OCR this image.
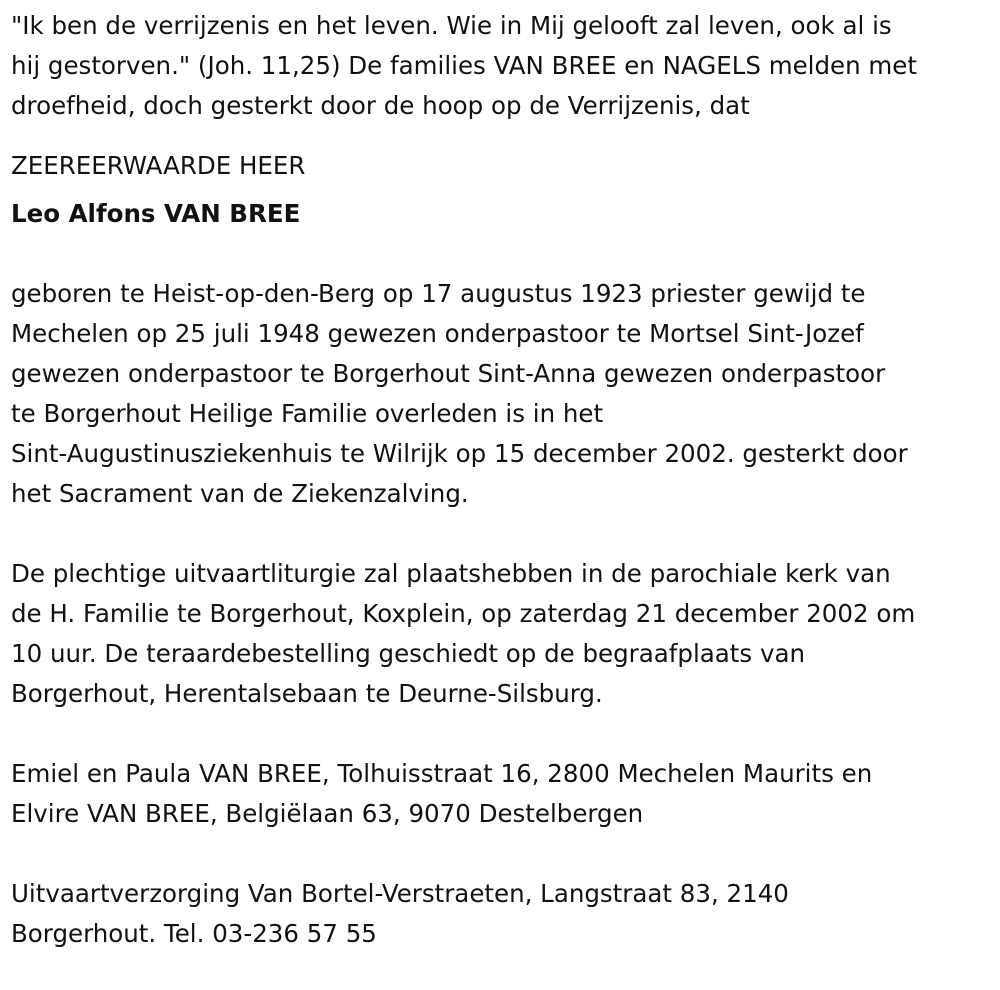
"Ik ben de verrijzenis en het leven. Wie in Mij gelooft zal leven, ook al is
hij gestorven." (Joh. 11,25) De families VAN BREE en NAGELS melden met
droefheid, doch gesterkt door de hoop op de Verrijzenis, dat

ZEEREERWAARDE HEER

Leo Alfons VAN BREE

geboren te Heist-op-den-Berg op 17 augustus 1923 priester gewijd te
Mechelen op 25 juli 1948 gewezen onderpastoor te Mortsel Sint-Jozef
gewezen onderpastoor te Borgerhout Sint-Anna gewezen onderpastoor
te Borgerhout Heilige Familie overleden is in het
Sint-Augustinusziekenhuis te Wilrijk op 15 december 2002. gesterkt door
het Sacrament van de Ziekenzalving.

De plechtige uitvaartliturgie zal plaatshebben in de parochiale kerk van
de H. Familie te Borgerhout, Koxplein, op zaterdag 21 december 2002 om
10 uur. De teraardebestelling geschiedt op de begraafplaats van
Borgerhout, Herentalsebaan te Deurne-Silsburg.

Emiel en Paula VAN BREE, Tolhuisstraat 16, 2800 Mechelen Maurits en
Elvire VAN BREE, Belgiëlaan 63, 9070 Destelbergen

Uitvaartverzorging Van Bortel-Verstraeten, Langstraat 83, 2140
Borgerhout. Tel. 03-236 57 55
